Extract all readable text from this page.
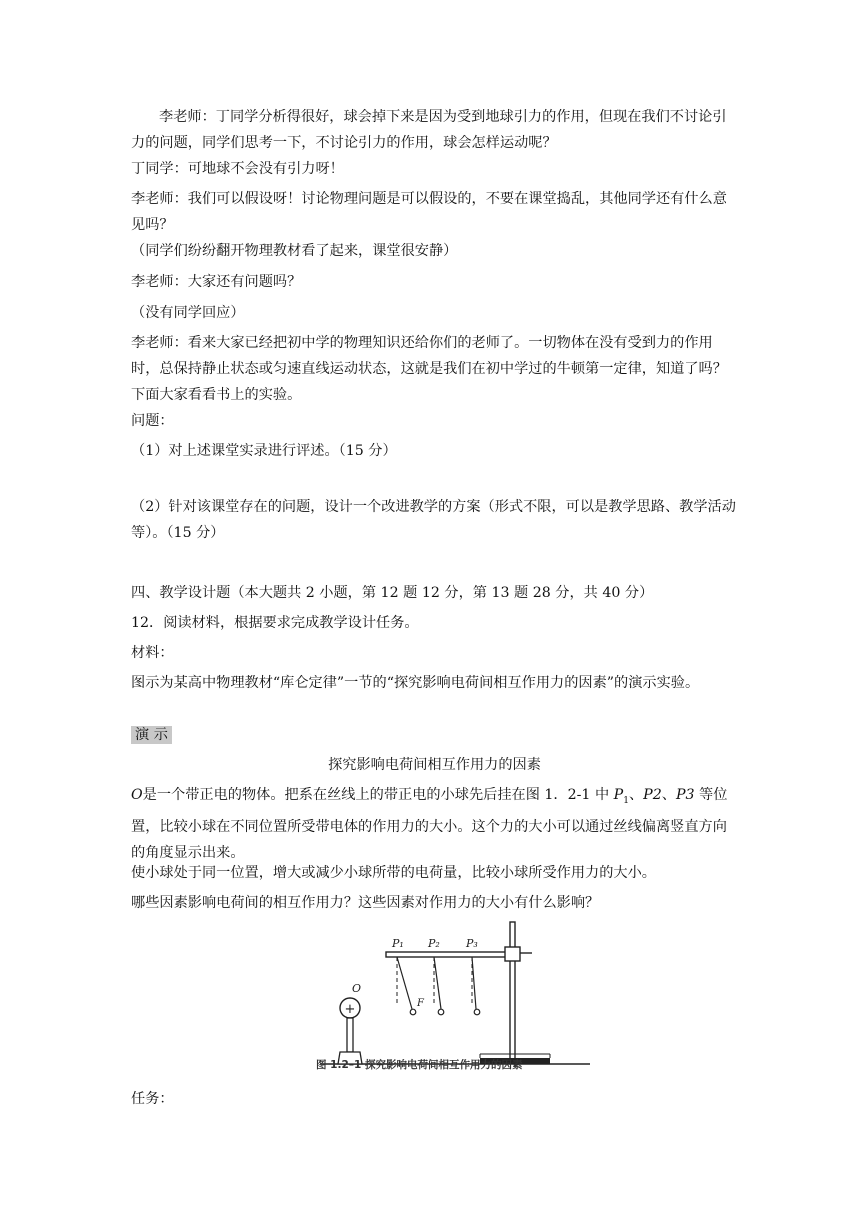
李老师：丁同学分析得很好，球会掉下来是因为受到地球引力的作用，但现在我们不讨论引力的问题，同学们思考一下，不讨论引力的作用，球会怎样运动呢？

丁同学：可地球不会没有引力呀！

李老师：我们可以假设呀！讨论物理问题是可以假设的，不要在课堂捣乱，其他同学还有什么意见吗？

（同学们纷纷翻开物理教材看了起来，课堂很安静）

李老师：大家还有问题吗？

（没有同学回应）

李老师：看来大家已经把初中学的物理知识还给你们的老师了。一切物体在没有受到力的作用时，总保持静止状态或匀速直线运动状态，这就是我们在初中学过的牛顿第一定律，知道了吗？下面大家看看书上的实验。

问题：

（1）对上述课堂实录进行评述。（15 分）

（2）针对该课堂存在的问题，设计一个改进教学的方案（形式不限，可以是教学思路、教学活动等）。（15 分）

四、教学设计题（本大题共 2 小题，第 12 题 12 分，第 13 题 28 分，共 40 分）

12．阅读材料，根据要求完成教学设计任务。

材料：

图示为某高中物理教材“库仑定律”一节的“探究影响电荷间相互作用力的因素”的演示实验。

演 示

探究影响电荷间相互作用力的因素

O是一个带正电的物体。把系在丝线上的带正电的小球先后挂在图 1．2-1 中 $P_1$、P2、P3 等位置，比较小球在不同位置所受带电体的作用力的大小。这个力的大小可以通过丝线偏离竖直方向的角度显示出来。

使小球处于同一位置，增大或减少小球所带的电荷量，比较小球所受作用力的大小。

哪些因素影响电荷间的相互作用力？这些因素对作用力的大小有什么影响？

+
O
P₁ P₂ P₃
F
图 1.2–1 探究影响电荷间相互作用力的因素

任务：
